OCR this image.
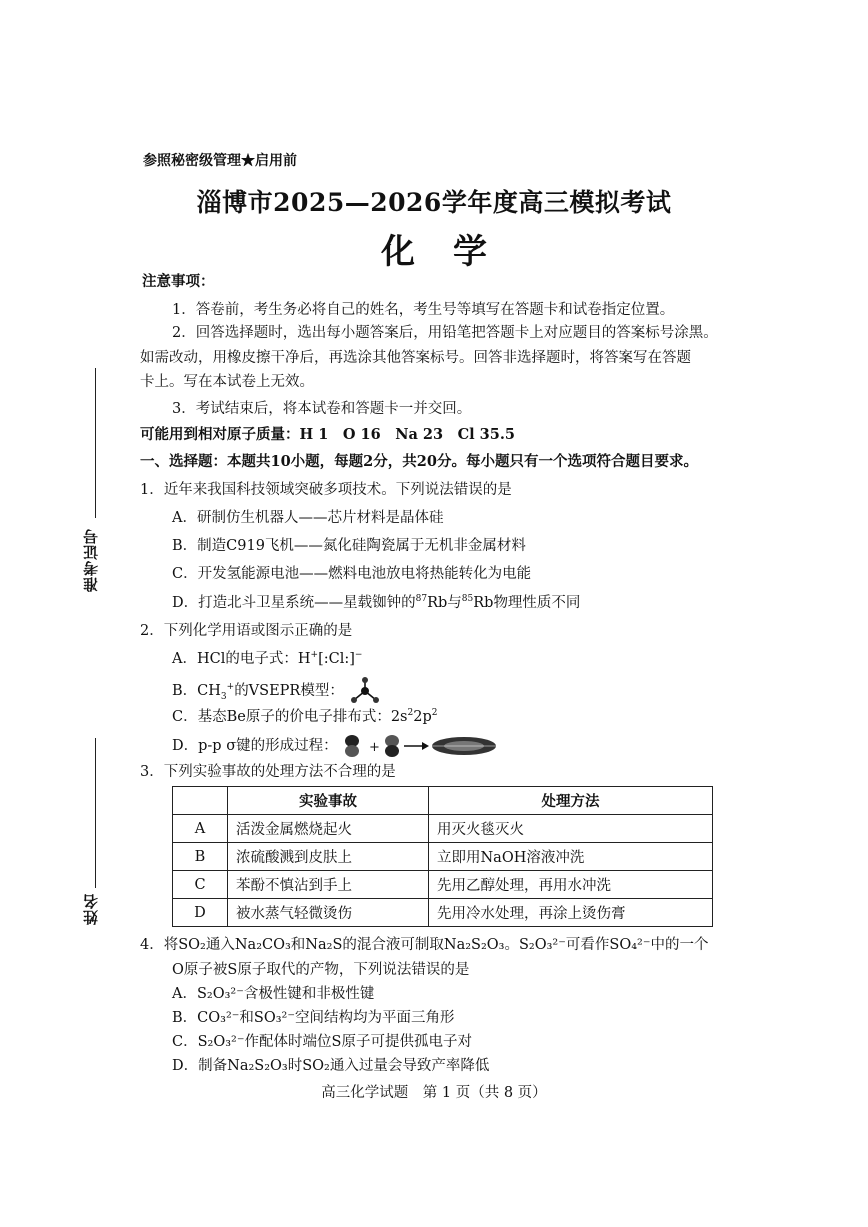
参照秘密级管理★启用前
淄博市2025—2026学年度高三模拟考试
化学
准考证号
姓名
注意事项：
1．答卷前，考生务必将自己的姓名，考生号等填写在答题卡和试卷指定位置。
2．回答选择题时，选出每小题答案后，用铅笔把答题卡上对应题目的答案标号涂黑。
如需改动，用橡皮擦干净后，再选涂其他答案标号。回答非选择题时，将答案写在答题
卡上。写在本试卷上无效。
3．考试结束后，将本试卷和答题卡一并交回。
可能用到相对原子质量：H 1　O 16　Na 23　Cl 35.5
一、选择题：本题共10小题，每题2分，共20分。每小题只有一个选项符合题目要求。
1．近年来我国科技领域突破多项技术。下列说法错误的是
A．研制仿生机器人——芯片材料是晶体硅
B．制造C919飞机——氮化硅陶瓷属于无机非金属材料
C．开发氢能源电池——燃料电池放电将热能转化为电能
D．打造北斗卫星系统——星载铷钟的$^{87}$Rb与$^{85}$Rb物理性质不同
2．下列化学用语或图示正确的是
A．HCl的电子式：H+[:Cl:]−
B．$CH_3^+$的VSEPR模型：
C．基态Be原子的价电子排布式：$2s^22p^2$
D．p-p σ键的形成过程： +
3．下列实验事故的处理方法不合理的是
	实验事故	处理方法
A	活泼金属燃烧起火	用灭火毯灭火
B	浓硫酸溅到皮肤上	立即用NaOH溶液冲洗
C	苯酚不慎沾到手上	先用乙醇处理，再用水冲洗
D	被水蒸气轻微烫伤	先用冷水处理，再涂上烫伤膏
4．将SO₂通入Na₂CO₃和Na₂S的混合液可制取Na₂S₂O₃。S₂O₃²⁻可看作SO₄²⁻中的一个
O原子被S原子取代的产物，下列说法错误的是
A．S₂O₃²⁻含极性键和非极性键
B．CO₃²⁻和SO₃²⁻空间结构均为平面三角形
C．S₂O₃²⁻作配体时端位S原子可提供孤电子对
D．制备Na₂S₂O₃时SO₂通入过量会导致产率降低
高三化学试题　第 1 页（共 8 页）
